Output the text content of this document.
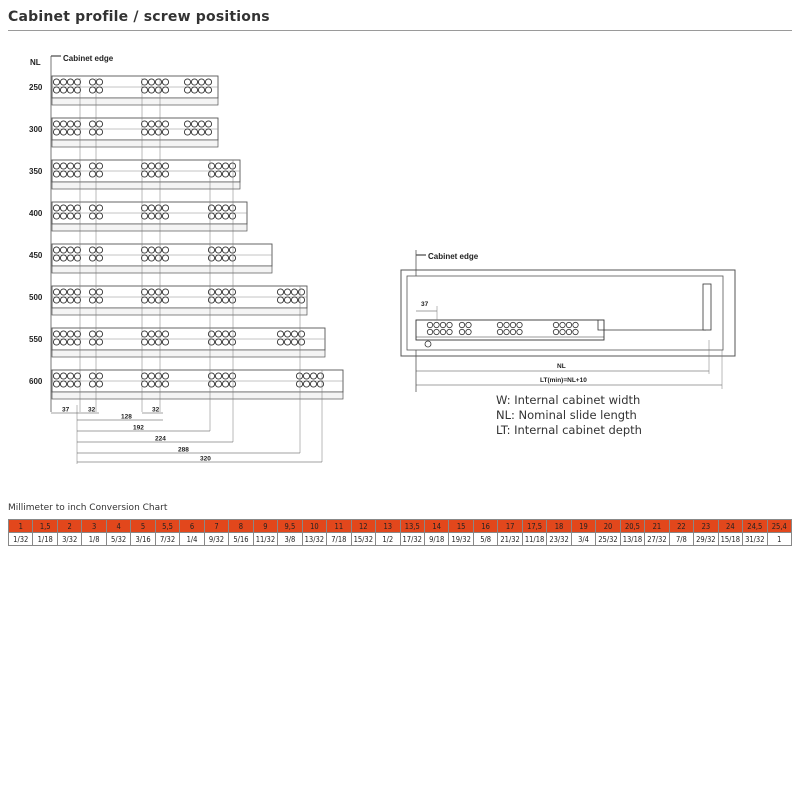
Cabinet profile / screw positions
NL	Cabinet edge
250
300
350
400
450
500
550
600
37	32
128
32
192
224
288
320
Cabinet edge
37
NL
LT(min)=NL+10
W: Internal cabinet width
NL: Nominal slide length
LT: Internal cabinet depth
Millimeter to inch Conversion Chart
1	1,5	2	3	4	5	5,5	6	7	8	9	9,5	10	11	12	13	13,5	14	15	16	17	17,5	18	19	20	20,5	21	22	23	24	24,5	25,4
1/32	1/18	3/32	1/8	5/32	3/16	7/32	1/4	9/32	5/16	11/32	3/8	13/32	7/18	15/32	1/2	17/32	9/18	19/32	5/8	21/32	11/18	23/32	3/4	25/32	13/18	27/32	7/8	29/32	15/18	31/32	1
